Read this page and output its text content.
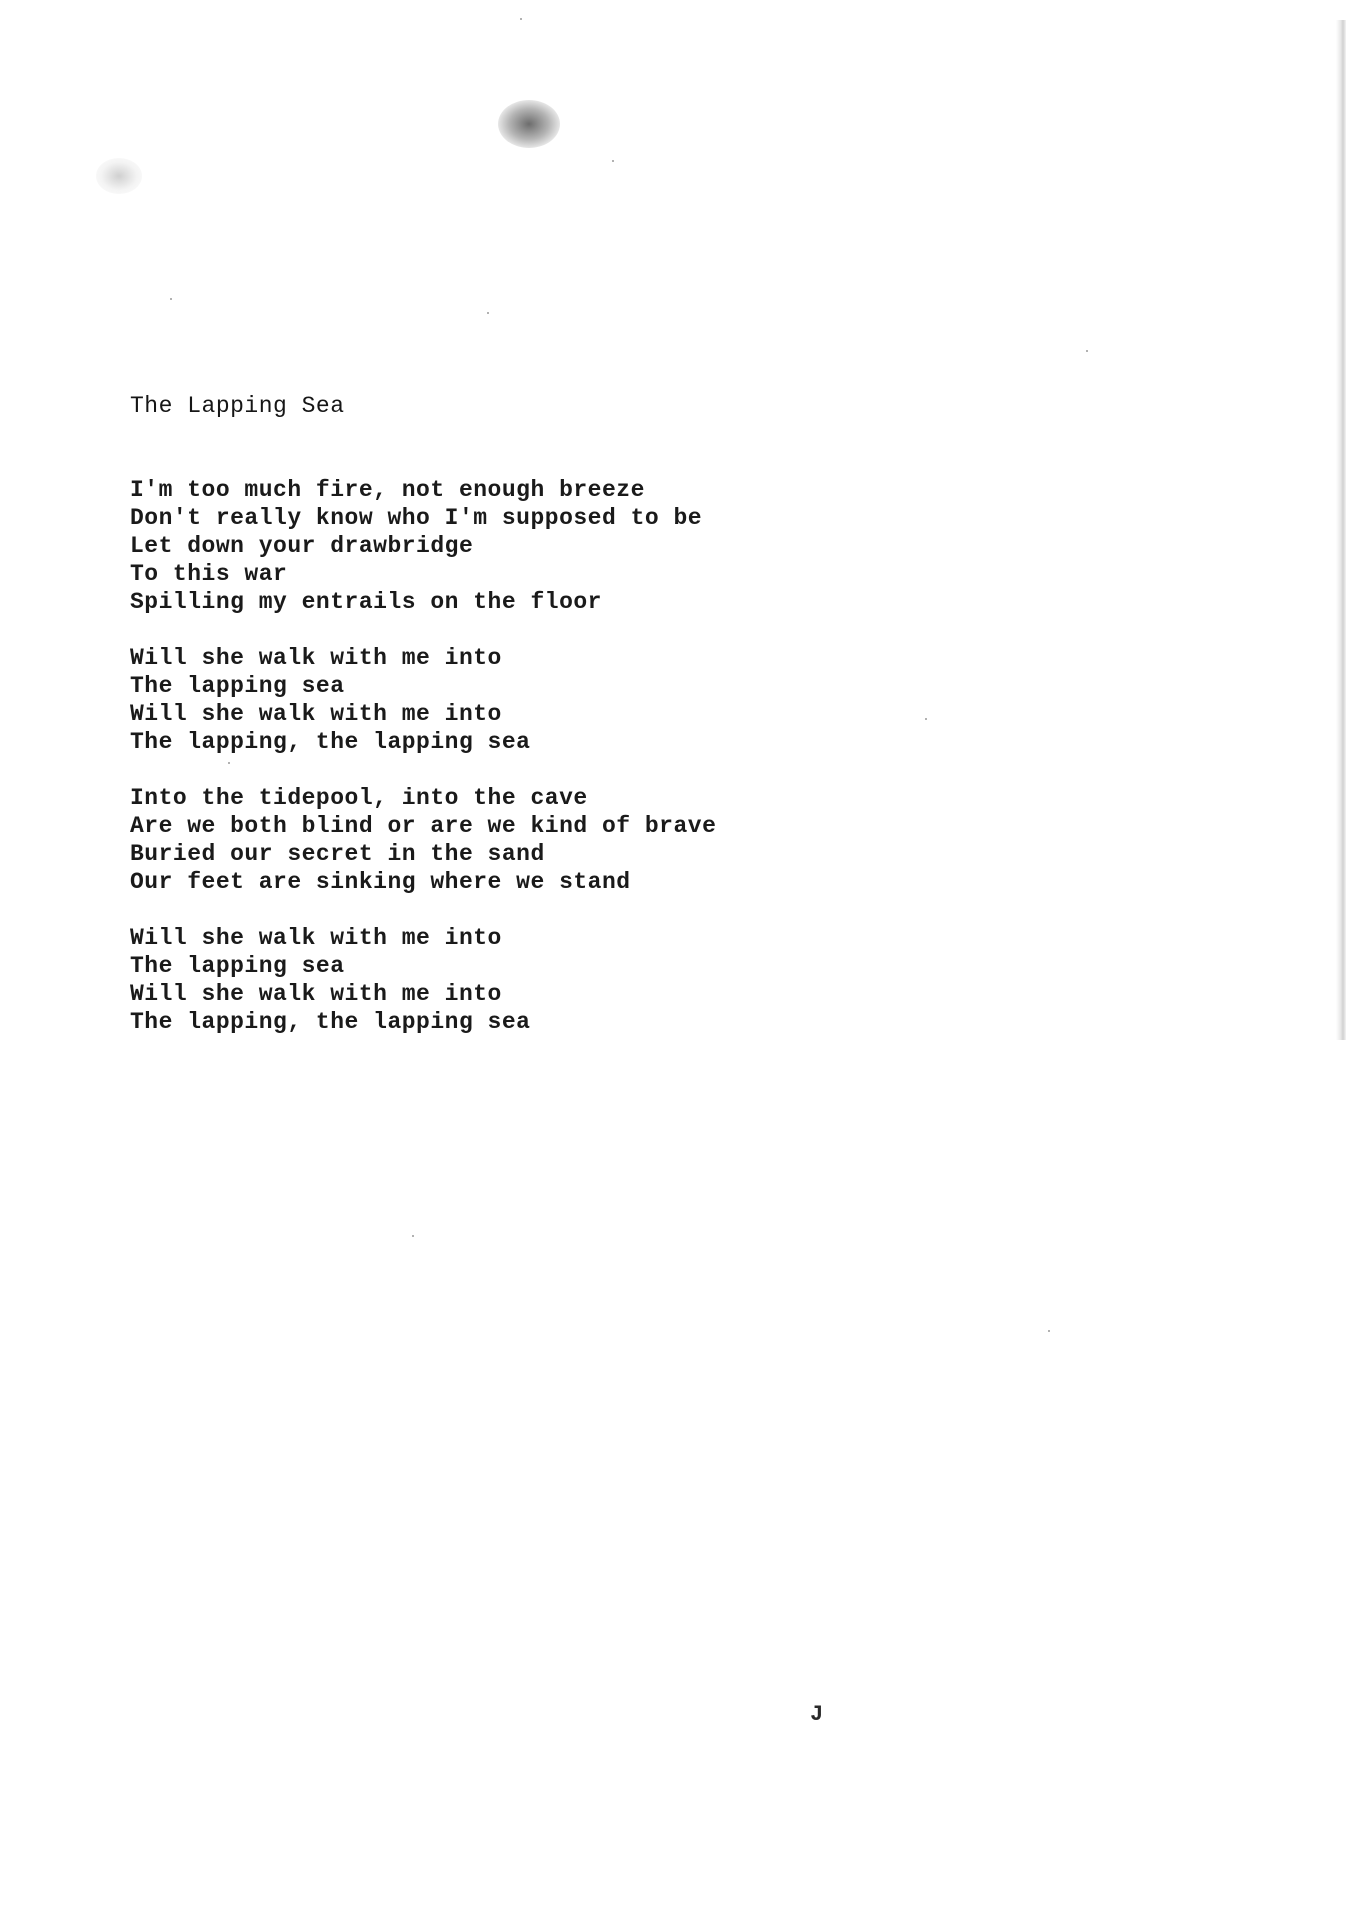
The Lapping Sea
I'm too much fire, not enough breeze
Don't really know who I'm supposed to be
Let down your drawbridge
To this war
Spilling my entrails on the floor
Will she walk with me into
The lapping sea
Will she walk with me into
The lapping, the lapping sea
Into the tidepool, into the cave
Are we both blind or are we kind of brave
Buried our secret in the sand
Our feet are sinking where we stand
Will she walk with me into
The lapping sea
Will she walk with me into
The lapping, the lapping sea
J
